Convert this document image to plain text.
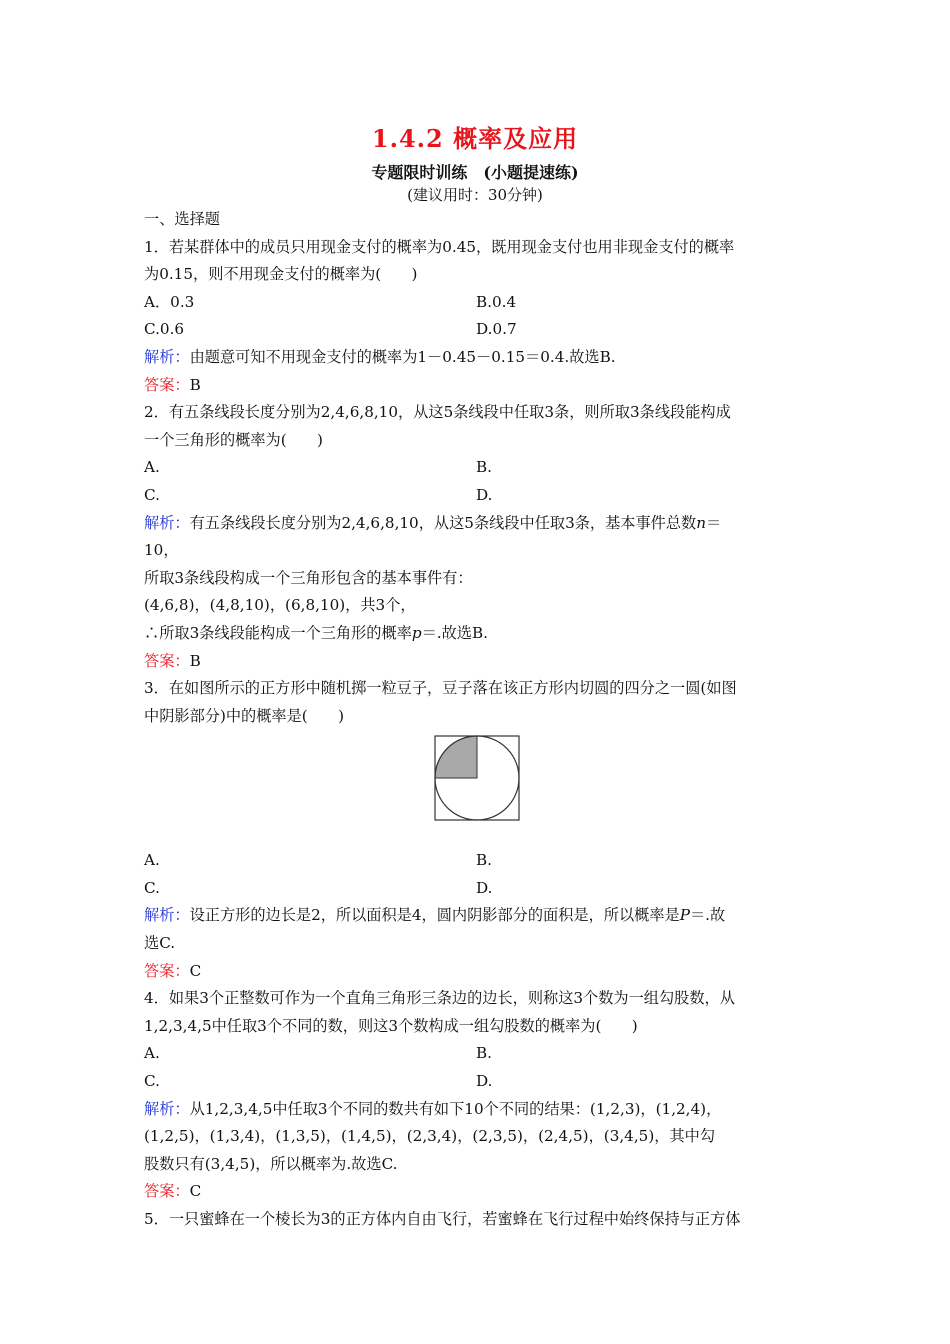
1.4.2 概率及应用
专题限时训练　(小题提速练)
(建议用时：30分钟)

一、选择题

1．若某群体中的成员只用现金支付的概率为0.45，既用现金支付也用非现金支付的概率

为0.15，则不用现金支付的概率为(　　)

A．0.3	B.0.4
C.0.6	D.0.7

解析：由题意可知不用现金支付的概率为1－0.45－0.15＝0.4.故选B.

答案：B

2．有五条线段长度分别为2,4,6,8,10，从这5条线段中任取3条，则所取3条线段能构成

一个三角形的概率为(　　)

A.	B.
C.	D.

解析：有五条线段长度分别为2,4,6,8,10，从这5条线段中任取3条，基本事件总数n＝

10，

所取3条线段构成一个三角形包含的基本事件有：

(4,6,8)，(4,8,10)，(6,8,10)，共3个，

∴所取3条线段能构成一个三角形的概率p＝.故选B.

答案：B

3．在如图所示的正方形中随机掷一粒豆子，豆子落在该正方形内切圆的四分之一圆(如图

中阴影部分)中的概率是(　　)

A.	B.
C.	D.

解析：设正方形的边长是2，所以面积是4，圆内阴影部分的面积是，所以概率是P＝.故

选C.

答案：C

4．如果3个正整数可作为一个直角三角形三条边的边长，则称这3个数为一组勾股数，从

1,2,3,4,5中任取3个不同的数，则这3个数构成一组勾股数的概率为(　　)

A.	B.
C.	D.

解析：从1,2,3,4,5中任取3个不同的数共有如下10个不同的结果：(1,2,3)，(1,2,4)，

(1,2,5)，(1,3,4)，(1,3,5)，(1,4,5)，(2,3,4)，(2,3,5)，(2,4,5)，(3,4,5)，其中勾

股数只有(3,4,5)，所以概率为.故选C.

答案：C

5．一只蜜蜂在一个棱长为3的正方体内自由飞行，若蜜蜂在飞行过程中始终保持与正方体
